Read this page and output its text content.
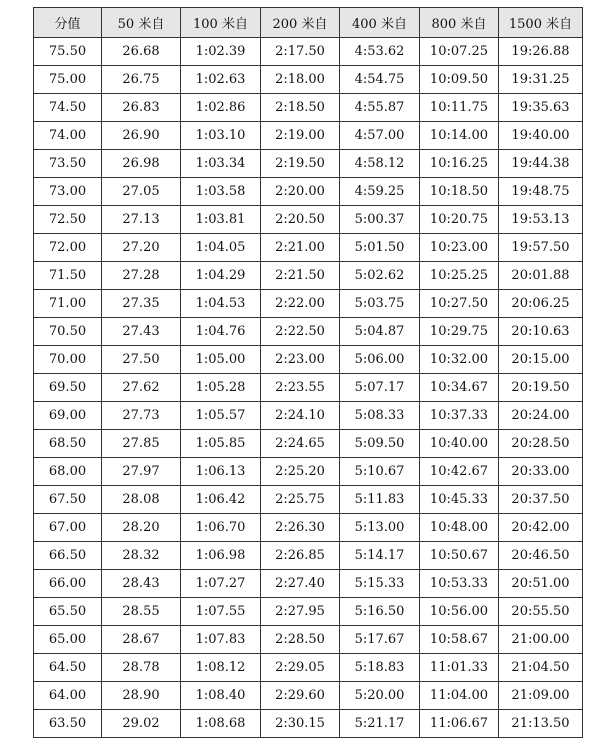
分值	50 米自	100 米自	200 米自	400 米自	800 米自	1500 米自
75.50	26.68	1:02.39	2:17.50	4:53.62	10:07.25	19:26.88
75.00	26.75	1:02.63	2:18.00	4:54.75	10:09.50	19:31.25
74.50	26.83	1:02.86	2:18.50	4:55.87	10:11.75	19:35.63
74.00	26.90	1:03.10	2:19.00	4:57.00	10:14.00	19:40.00
73.50	26.98	1:03.34	2:19.50	4:58.12	10:16.25	19:44.38
73.00	27.05	1:03.58	2:20.00	4:59.25	10:18.50	19:48.75
72.50	27.13	1:03.81	2:20.50	5:00.37	10:20.75	19:53.13
72.00	27.20	1:04.05	2:21.00	5:01.50	10:23.00	19:57.50
71.50	27.28	1:04.29	2:21.50	5:02.62	10:25.25	20:01.88
71.00	27.35	1:04.53	2:22.00	5:03.75	10:27.50	20:06.25
70.50	27.43	1:04.76	2:22.50	5:04.87	10:29.75	20:10.63
70.00	27.50	1:05.00	2:23.00	5:06.00	10:32.00	20:15.00
69.50	27.62	1:05.28	2:23.55	5:07.17	10:34.67	20:19.50
69.00	27.73	1:05.57	2:24.10	5:08.33	10:37.33	20:24.00
68.50	27.85	1:05.85	2:24.65	5:09.50	10:40.00	20:28.50
68.00	27.97	1:06.13	2:25.20	5:10.67	10:42.67	20:33.00
67.50	28.08	1:06.42	2:25.75	5:11.83	10:45.33	20:37.50
67.00	28.20	1:06.70	2:26.30	5:13.00	10:48.00	20:42.00
66.50	28.32	1:06.98	2:26.85	5:14.17	10:50.67	20:46.50
66.00	28.43	1:07.27	2:27.40	5:15.33	10:53.33	20:51.00
65.50	28.55	1:07.55	2:27.95	5:16.50	10:56.00	20:55.50
65.00	28.67	1:07.83	2:28.50	5:17.67	10:58.67	21:00.00
64.50	28.78	1:08.12	2:29.05	5:18.83	11:01.33	21:04.50
64.00	28.90	1:08.40	2:29.60	5:20.00	11:04.00	21:09.00
63.50	29.02	1:08.68	2:30.15	5:21.17	11:06.67	21:13.50
